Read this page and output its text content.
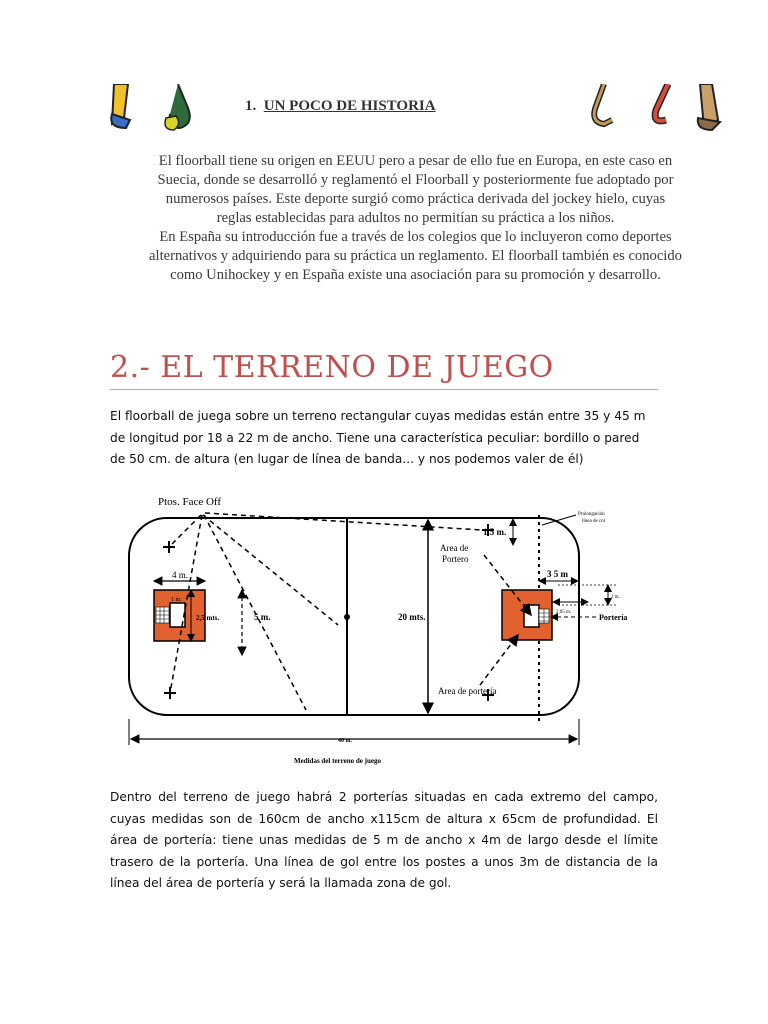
1. UN POCO DE HISTORIA

El floorball tiene su origen en EEUU pero a pesar de ello fue en Europa, en este caso en Suecia, donde se desarrolló y reglamentó el Floorball y posteriormente fue adoptado por numerosos países. Este deporte surgió como práctica derivada del jockey hielo, cuyas reglas establecidas para adultos no permitían su práctica a los niños.

En España su introducción fue a través de los colegios que lo incluyeron como deportes alternativos y adquiriendo para su práctica un reglamento. El floorball también es conocido como Unihockey y en España existe una asociación para su promoción y desarrollo.

2.- EL TERRENO DE JUEGO
El floorball de juega sobre un terreno rectangular cuyas medidas están entre 35 y 45 m de longitud por 18 a 22 m de ancho. Tiene una característica peculiar: bordillo o pared de 50 cm. de altura (en lugar de línea de banda... y nos podemos valer de él)
Ptos. Face Off
4 m.
1 m.
2,5 mts.	5 m.	20 mts.
1.5 m.
Area de
Portero
Prolongación
línea de col
3 5 m
2 m.
2,05 m.
Portería
Area de portería
40 m.
Medidas del terreno de juego
Dentro del terreno de juego habrá 2 porterías situadas en cada extremo del campo, cuyas medidas son de 160cm de ancho x115cm de altura x 65cm de profundidad. El área de portería: tiene unas medidas de 5 m de ancho x 4m de largo desde el límite trasero de la portería. Una línea de gol entre los postes a unos 3m de distancia de la línea del área de portería y será la llamada zona de gol.
